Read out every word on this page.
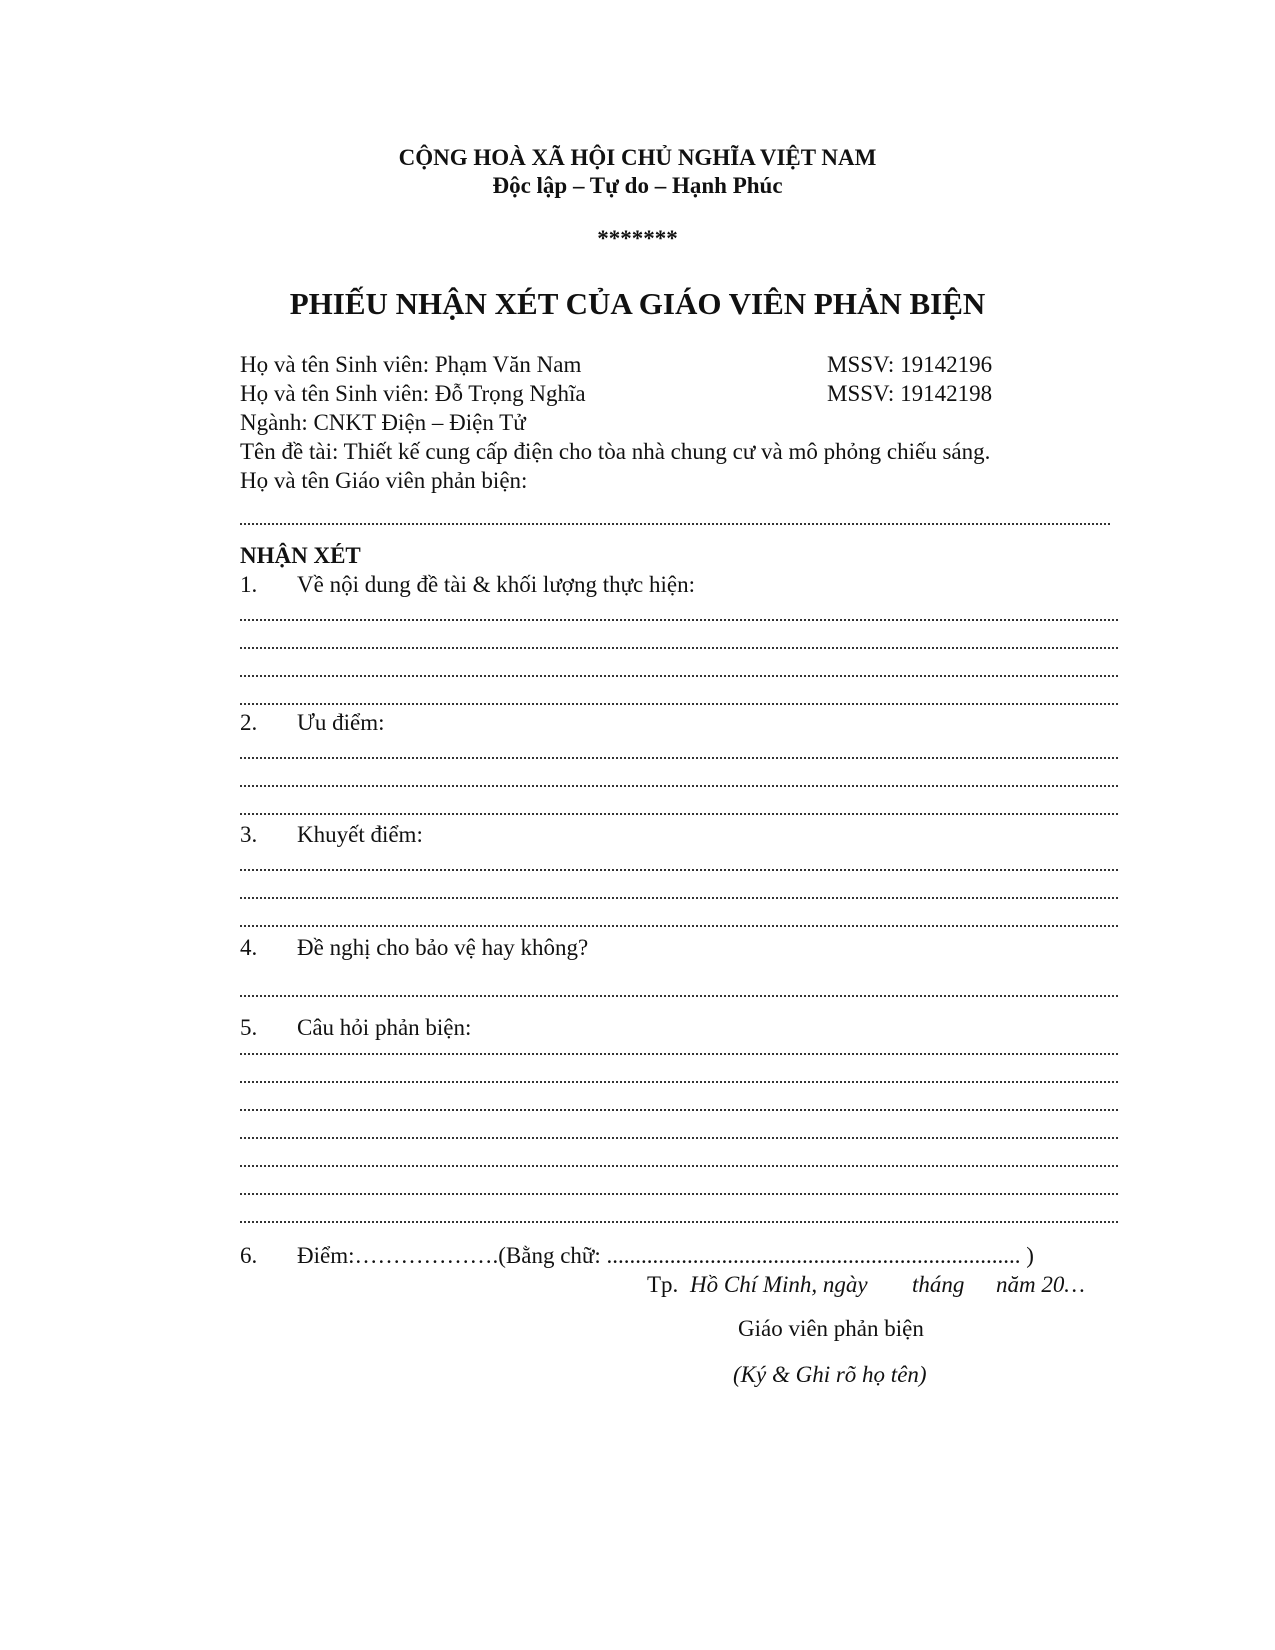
CỘNG HOÀ XÃ HỘI CHỦ NGHĨA VIỆT NAM
Độc lập – Tự do – Hạnh Phúc
*******
PHIẾU NHẬN XÉT CỦA GIÁO VIÊN PHẢN BIỆN
Họ và tên Sinh viên: Phạm Văn Nam	MSSV: 19142196
Họ và tên Sinh viên: Đỗ Trọng Nghĩa	MSSV: 19142198
Ngành: CNKT Điện – Điện Tử
Tên đề tài: Thiết kế cung cấp điện cho tòa nhà chung cư và mô phỏng chiếu sáng.
Họ và tên Giáo viên phản biện:
NHẬN XÉT
1. Về nội dung đề tài & khối lượng thực hiện:
2. Ưu điểm:
3. Khuyết điểm:
4. Đề nghị cho bảo vệ hay không?
5. Câu hỏi phản biện:
6. Điểm:……………….(Bằng chữ: ........................................................................ )
Tp. Hồ Chí Minh, ngày tháng năm 20…
Giáo viên phản biện
(Ký & Ghi rõ họ tên)
